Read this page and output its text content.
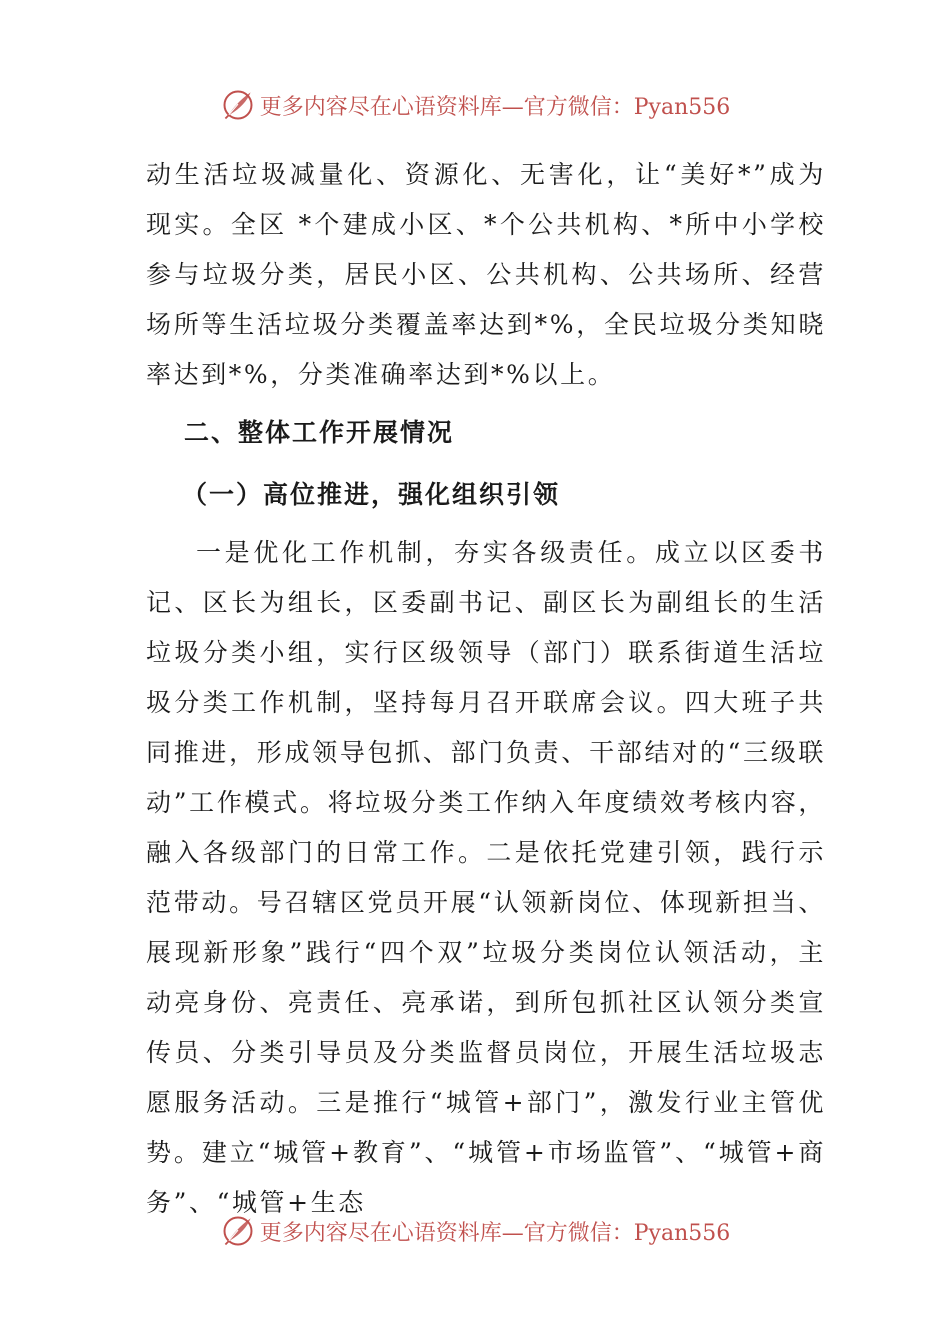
更多内容尽在心语资料库—官方微信：Pyan556

动生活垃圾减量化、资源化、无害化，让“美好*”成为现实。全区 *个建成小区、*个公共机构、*所中小学校参与垃圾分类，居民小区、公共机构、公共场所、经营场所等生活垃圾分类覆盖率达到*%，全民垃圾分类知晓率达到*%，分类准确率达到*%以上。

二、整体工作开展情况
（一）高位推进，强化组织引领

一是优化工作机制，夯实各级责任。成立以区委书记、区长为组长，区委副书记、副区长为副组长的生活垃圾分类小组，实行区级领导（部门）联系街道生活垃圾分类工作机制，坚持每月召开联席会议。四大班子共同推进，形成领导包抓、部门负责、干部结对的“三级联动”工作模式。将垃圾分类工作纳入年度绩效考核内容，融入各级部门的日常工作。二是依托党建引领，践行示范带动。号召辖区党员开展“认领新岗位、体现新担当、展现新形象”践行“四个双”垃圾分类岗位认领活动，主动亮身份、亮责任、亮承诺，到所包抓社区认领分类宣传员、分类引导员及分类监督员岗位，开展生活垃圾志愿服务活动。三是推行“城管+部门”，激发行业主管优势。建立“城管+教育”、“城管+市场监管”、“城管+商务”、“城管+生态

更多内容尽在心语资料库—官方微信：Pyan556
